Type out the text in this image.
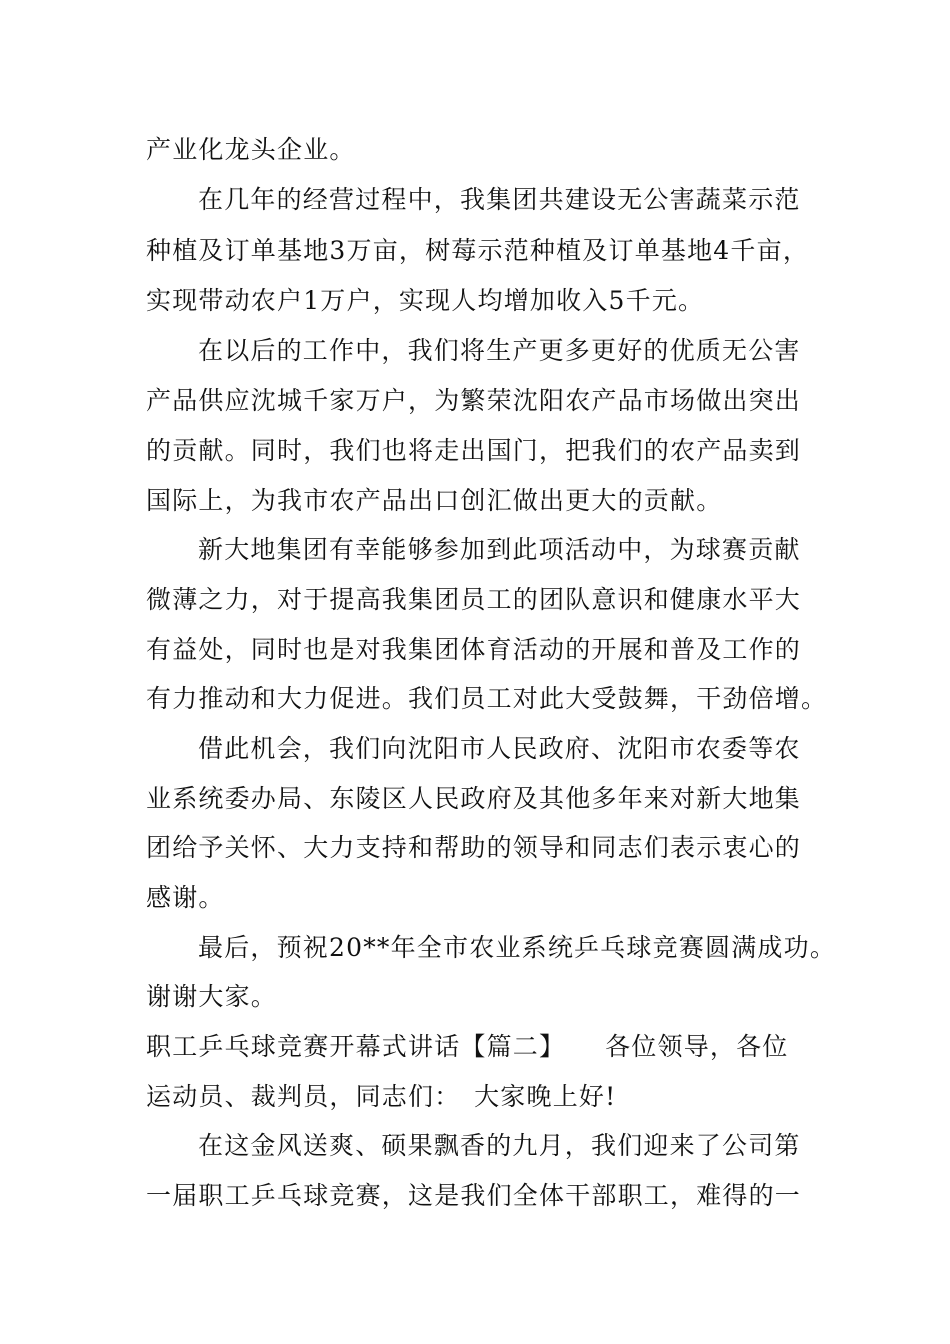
产业化龙头企业。
在几年的经营过程中，我集团共建设无公害蔬菜示范
种植及订单基地3万亩，树莓示范种植及订单基地4千亩，
实现带动农户1万户，实现人均增加收入5千元。
在以后的工作中，我们将生产更多更好的优质无公害
产品供应沈城千家万户，为繁荣沈阳农产品市场做出突出
的贡献。同时，我们也将走出国门，把我们的农产品卖到
国际上，为我市农产品出口创汇做出更大的贡献。
新大地集团有幸能够参加到此项活动中，为球赛贡献
微薄之力，对于提高我集团员工的团队意识和健康水平大
有益处，同时也是对我集团体育活动的开展和普及工作的
有力推动和大力促进。我们员工对此大受鼓舞，干劲倍增。
借此机会，我们向沈阳市人民政府、沈阳市农委等农
业系统委办局、东陵区人民政府及其他多年来对新大地集
团给予关怀、大力支持和帮助的领导和同志们表示衷心的
感谢。
最后，预祝20**年全市农业系统乒乓球竞赛圆满成功。
谢谢大家。
职工乒乓球竞赛开幕式讲话【篇二】　　各位领导，各位
运动员、裁判员，同志们：　大家晚上好!
在这金风送爽、硕果飘香的九月，我们迎来了公司第
一届职工乒乓球竞赛，这是我们全体干部职工，难得的一
